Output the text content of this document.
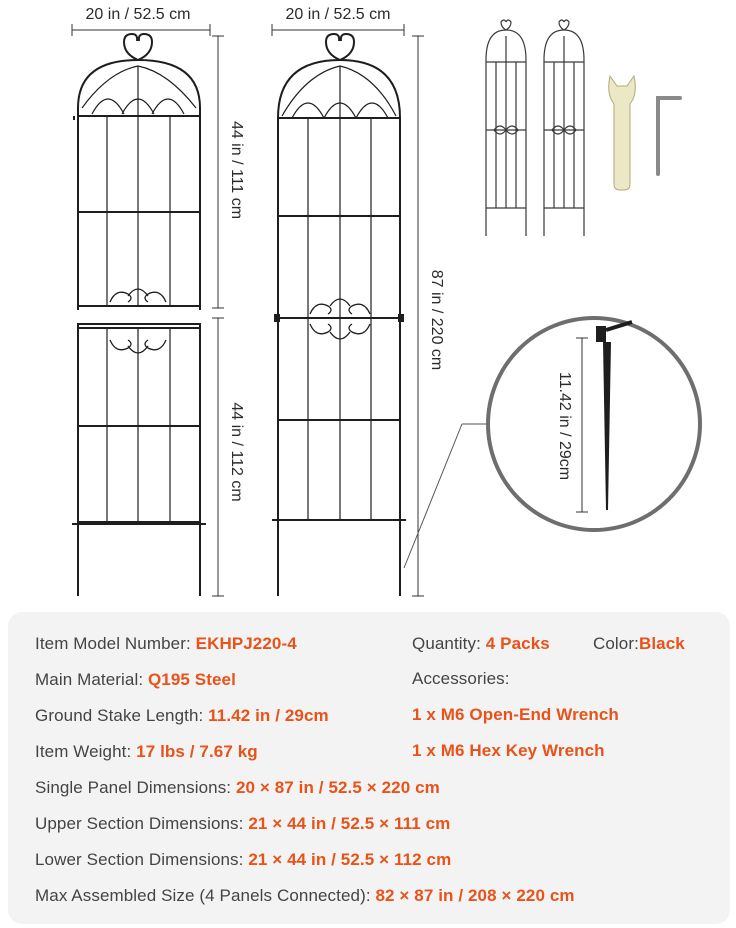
20 in / 52.5 cm
44 in / 111 cm
44 in / 112 cm
20 in / 52.5 cm
87 in / 220 cm
11.42 in / 29cm
Item Model Number: EKHPJ220-4	Quantity: 4 Packs	Color:Black
Main Material: Q195 Steel	Accessories:
Ground Stake Length: 11.42 in / 29cm	1 x M6 Open-End Wrench
Item Weight: 17 lbs / 7.67 kg	1 x M6 Hex Key Wrench
Single Panel Dimensions: 20 × 87 in / 52.5 × 220 cm
Upper Section Dimensions: 21 × 44 in / 52.5 × 111 cm
Lower Section Dimensions: 21 × 44 in / 52.5 × 112 cm
Max Assembled Size (4 Panels Connected): 82 × 87 in / 208 × 220 cm
